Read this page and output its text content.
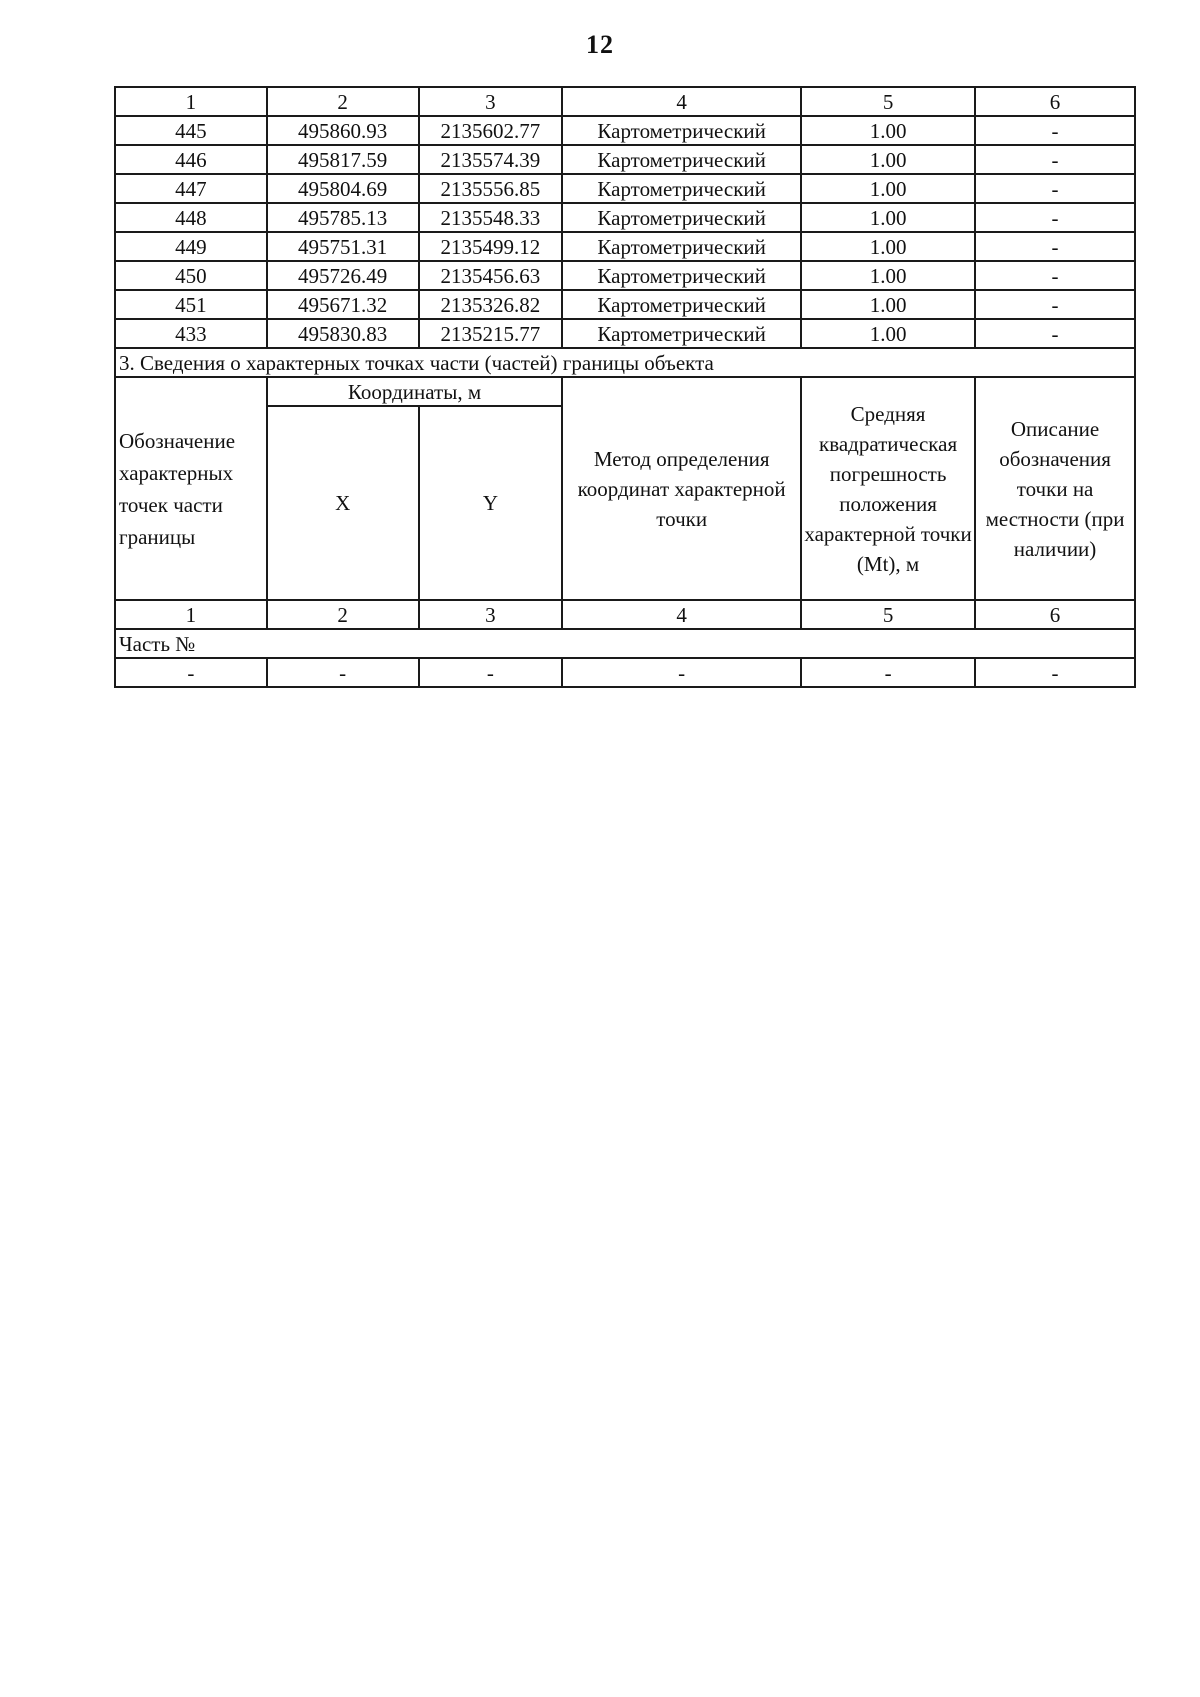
12
1	2	3	4	5	6
445	495860.93	2135602.77	Картометрический	1.00	-
446	495817.59	2135574.39	Картометрический	1.00	-
447	495804.69	2135556.85	Картометрический	1.00	-
448	495785.13	2135548.33	Картометрический	1.00	-
449	495751.31	2135499.12	Картометрический	1.00	-
450	495726.49	2135456.63	Картометрический	1.00	-
451	495671.32	2135326.82	Картометрический	1.00	-
433	495830.83	2135215.77	Картометрический	1.00	-
3. Сведения о характерных точках части (частей) границы объекта					
Обозначение характерных точек части границы	Координаты, м		Метод определения координат характерной точки	Средняя квадратическая погрешность положения характерной точки (Mt), м	Описание обозначения точки на местности (при наличии)
	X	Y			
1	2	3	4	5	6
Часть №					
-	-	-	-	-	-
